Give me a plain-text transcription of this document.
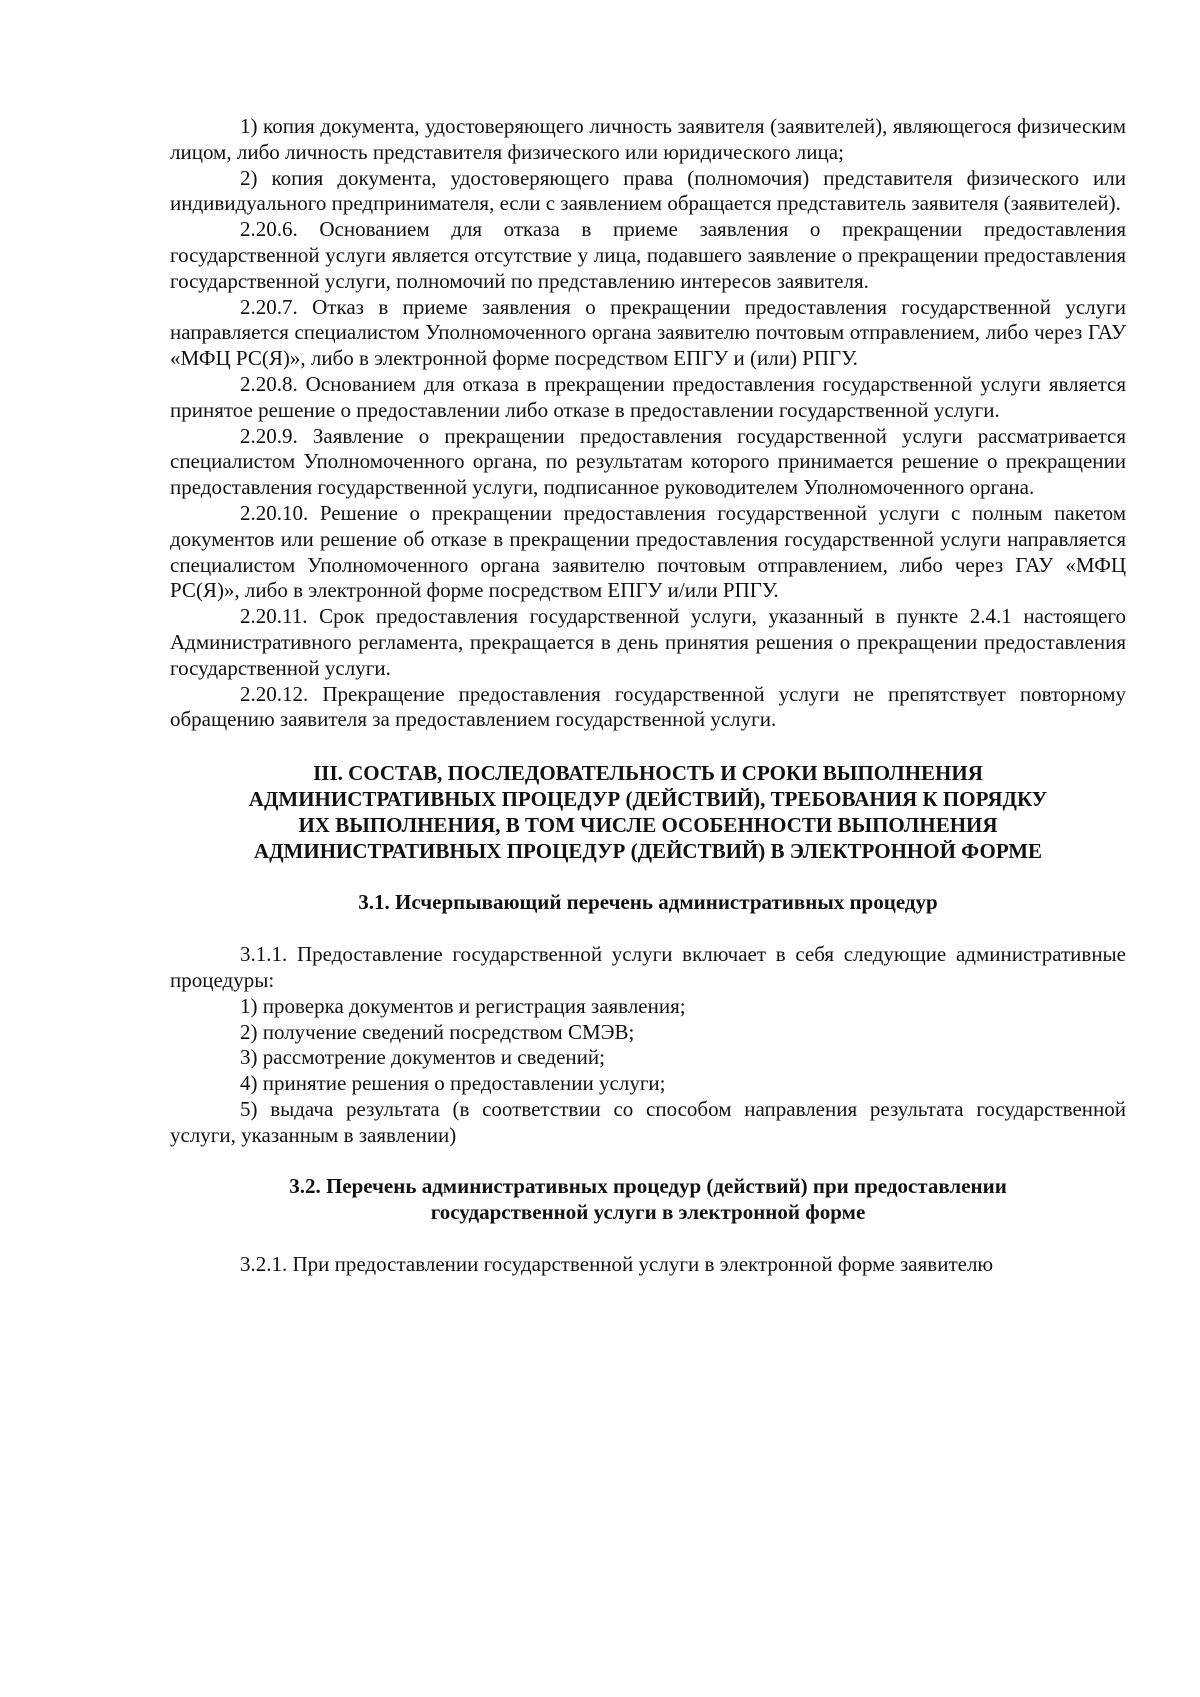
1) копия документа, удостоверяющего личность заявителя (заявителей), являющегося физическим лицом, либо личность представителя физического или юридического лица;

2) копия документа, удостоверяющего права (полномочия) представителя физического или индивидуального предпринимателя, если с заявлением обращается представитель заявителя (заявителей).

2.20.6. Основанием для отказа в приеме заявления о прекращении предоставления государственной услуги является отсутствие у лица, подавшего заявление о прекращении предоставления государственной услуги, полномочий по представлению интересов заявителя.

2.20.7. Отказ в приеме заявления о прекращении предоставления государственной услуги направляется специалистом Уполномоченного органа заявителю почтовым отправлением, либо через ГАУ «МФЦ РС(Я)», либо в электронной форме посредством ЕПГУ и (или) РПГУ.

2.20.8. Основанием для отказа в прекращении предоставления государственной услуги является принятое решение о предоставлении либо отказе в предоставлении государственной услуги.

2.20.9. Заявление о прекращении предоставления государственной услуги рассматривается специалистом Уполномоченного органа, по результатам которого принимается решение о прекращении предоставления государственной услуги, подписанное руководителем Уполномоченного органа.

2.20.10. Решение о прекращении предоставления государственной услуги с полным пакетом документов или решение об отказе в прекращении предоставления государственной услуги направляется специалистом Уполномоченного органа заявителю почтовым отправлением, либо через ГАУ «МФЦ РС(Я)», либо в электронной форме посредством ЕПГУ и/или РПГУ.

2.20.11. Срок предоставления государственной услуги, указанный в пункте 2.4.1 настоящего Административного регламента, прекращается в день принятия решения о прекращении предоставления государственной услуги.

2.20.12. Прекращение предоставления государственной услуги не препятствует повторному обращению заявителя за предоставлением государственной услуги.

III. СОСТАВ, ПОСЛЕДОВАТЕЛЬНОСТЬ И СРОКИ ВЫПОЛНЕНИЯ
АДМИНИСТРАТИВНЫХ ПРОЦЕДУР (ДЕЙСТВИЙ), ТРЕБОВАНИЯ К ПОРЯДКУ
ИХ ВЫПОЛНЕНИЯ, В ТОМ ЧИСЛЕ ОСОБЕННОСТИ ВЫПОЛНЕНИЯ
АДМИНИСТРАТИВНЫХ ПРОЦЕДУР (ДЕЙСТВИЙ) В ЭЛЕКТРОННОЙ ФОРМЕ
3.1. Исчерпывающий перечень административных процедур

3.1.1. Предоставление государственной услуги включает в себя следующие административные процедуры:

1) проверка документов и регистрация заявления;

2) получение сведений посредством СМЭВ;

3) рассмотрение документов и сведений;

4) принятие решения о предоставлении услуги;

5) выдача результата (в соответствии со способом направления результата государственной услуги, указанным в заявлении)

3.2. Перечень административных процедур (действий) при предоставлении
государственной услуги в электронной форме

3.2.1. При предоставлении государственной услуги в электронной форме заявителю
